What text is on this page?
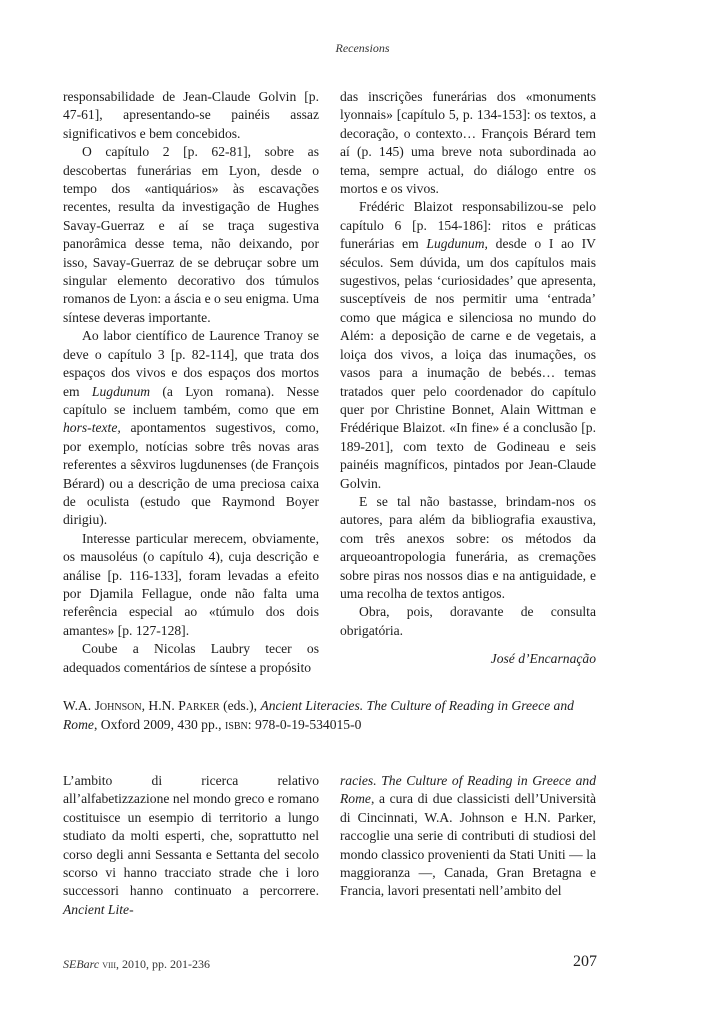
Recensions

responsabilidade de Jean-Claude Golvin [p. 47-61], apresentando-se painéis assaz significativos e bem concebidos.

O capítulo 2 [p. 62-81], sobre as descobertas funerárias em Lyon, desde o tempo dos «antiquários» às escavações recentes, resulta da investigação de Hughes Savay-Guerraz e aí se traça sugestiva panorâmica desse tema, não deixando, por isso, Savay-Guerraz de se debruçar sobre um singular elemento decorativo dos túmulos romanos de Lyon: a áscia e o seu enigma. Uma síntese deveras importante.

Ao labor científico de Laurence Tranoy se deve o capítulo 3 [p. 82-114], que trata dos espaços dos vivos e dos espaços dos mortos em Lugdunum (a Lyon romana). Nesse capítulo se incluem também, como que em hors-texte, apontamentos sugestivos, como, por exemplo, notícias sobre três novas aras referentes a sêxviros lugdunenses (de François Bérard) ou a descrição de uma preciosa caixa de oculista (estudo que Raymond Boyer dirigiu).

Interesse particular merecem, obviamente, os mausoléus (o capítulo 4), cuja descrição e análise [p. 116-133], foram levadas a efeito por Djamila Fellague, onde não falta uma referência especial ao «túmulo dos dois amantes» [p. 127-128].

Coube a Nicolas Laubry tecer os adequados comentários de síntese a propósito

das inscrições funerárias dos «monuments lyonnais» [capítulo 5, p. 134-153]: os textos, a decoração, o contexto… François Bérard tem aí (p. 145) uma breve nota subordinada ao tema, sempre actual, do diálogo entre os mortos e os vivos.

Frédéric Blaizot responsabilizou-se pelo capítulo 6 [p. 154-186]: ritos e práticas funerárias em Lugdunum, desde o I ao IV séculos. Sem dúvida, um dos capítulos mais sugestivos, pelas ‘curiosidades’ que apresenta, susceptíveis de nos permitir uma ‘entrada’ como que mágica e silenciosa no mundo do Além: a deposição de carne e de vegetais, a loiça dos vivos, a loiça das inumações, os vasos para a inumação de bebés… temas tratados quer pelo coordenador do capítulo quer por Christine Bonnet, Alain Wittman e Frédérique Blaizot. «In fine» é a conclusão [p. 189-201], com texto de Godineau e seis painéis magníficos, pintados por Jean-Claude Golvin.

E se tal não bastasse, brindam-nos os autores, para além da bibliografia exaustiva, com três anexos sobre: os métodos da arqueoantropologia funerária, as cremações sobre piras nos nossos dias e na antiguidade, e uma recolha de textos antigos.

Obra, pois, doravante de consulta obrigatória.

José d’Encarnação

W.A. Johnson, H.N. Parker (eds.), Ancient Literacies. The Culture of Reading in Greece and Rome, Oxford 2009, 430 pp., isbn: 978-0-19-534015-0

L’ambito di ricerca relativo all’alfabetizzazione nel mondo greco e romano costituisce un esempio di territorio a lungo studiato da molti esperti, che, soprattutto nel corso degli anni Sessanta e Settanta del secolo scorso vi hanno tracciato strade che i loro successori hanno continuato a percorrere. Ancient Lite-

racies. The Culture of Reading in Greece and Rome, a cura di due classicisti dell’Università di Cincinnati, W.A. Johnson e H.N. Parker, raccoglie una serie di contributi di studiosi del mondo classico provenienti da Stati Uniti — la maggioranza —, Canada, Gran Bretagna e Francia, lavori presentati nell’ambito del

SEBarc viii, 2010, pp. 201-236	207
